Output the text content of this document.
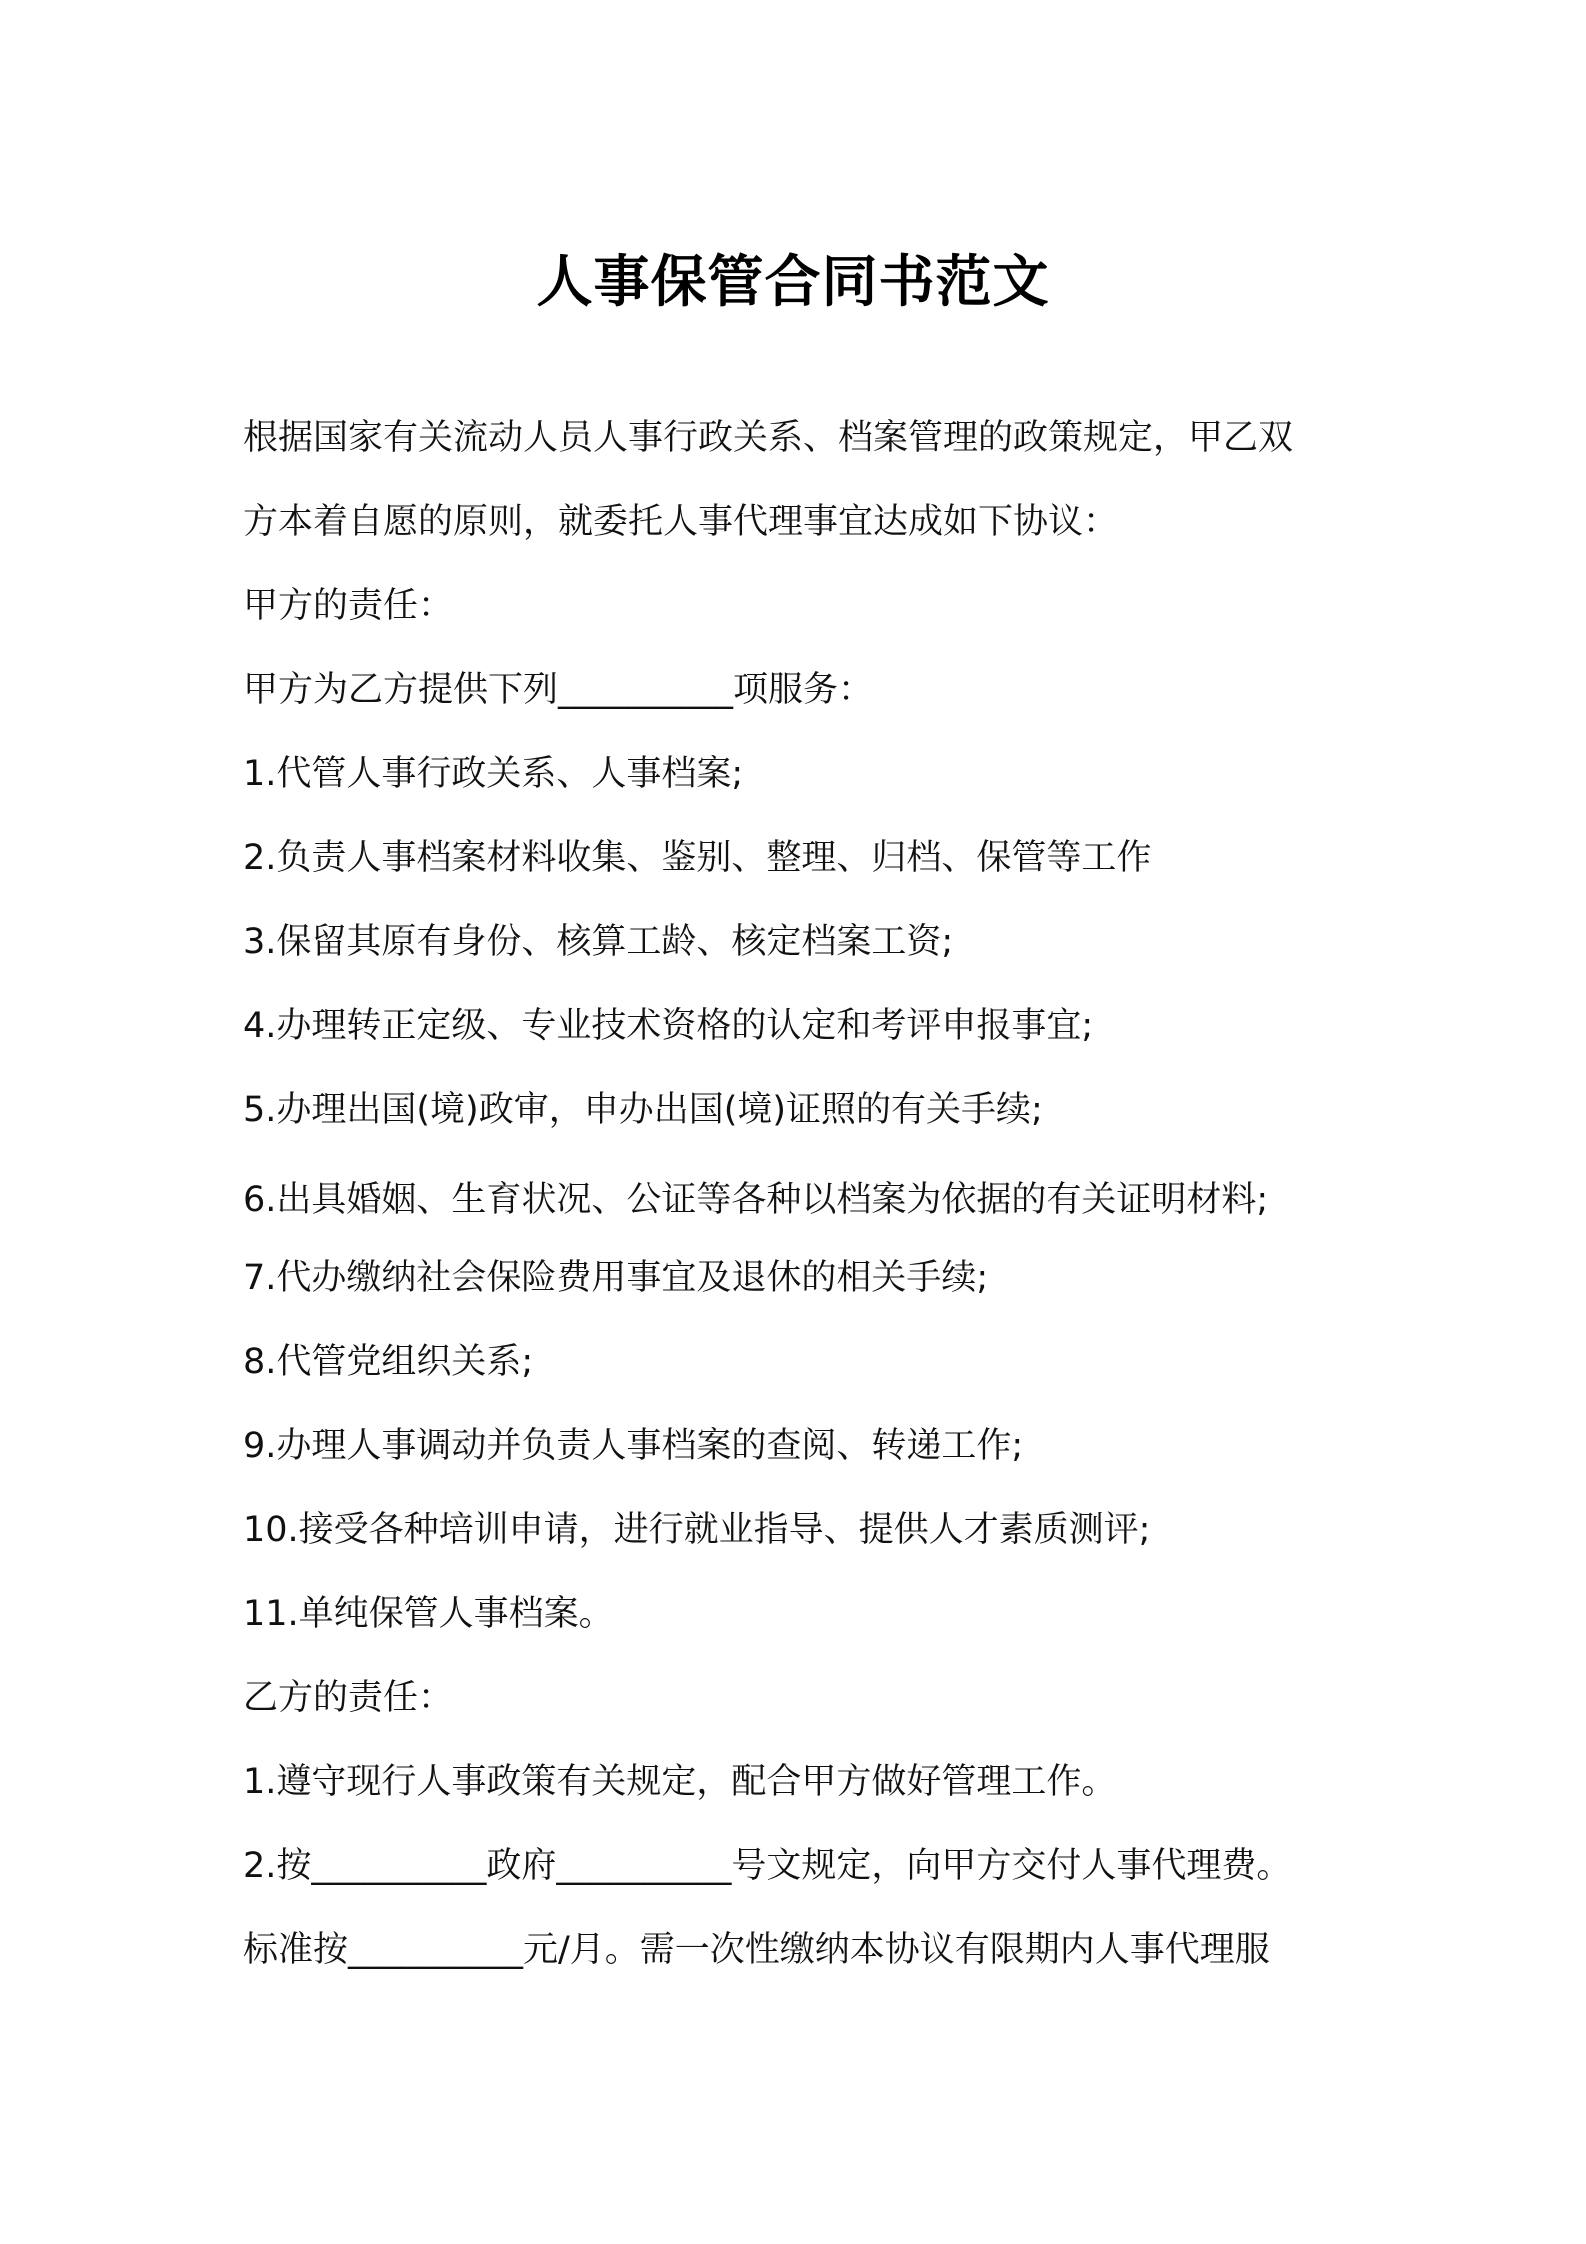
人事保管合同书范文
根据国家有关流动人员人事行政关系、档案管理的政策规定，甲乙双
方本着自愿的原则，就委托人事代理事宜达成如下协议：
甲方的责任：
甲方为乙方提供下列__________项服务：
1.代管人事行政关系、人事档案;
2.负责人事档案材料收集、鉴别、整理、归档、保管等工作
3.保留其原有身份、核算工龄、核定档案工资;
4.办理转正定级、专业技术资格的认定和考评申报事宜;
5.办理出国(境)政审，申办出国(境)证照的有关手续;
6.出具婚姻、生育状况、公证等各种以档案为依据的有关证明材料;
7.代办缴纳社会保险费用事宜及退休的相关手续;
8.代管党组织关系;
9.办理人事调动并负责人事档案的查阅、转递工作;
10.接受各种培训申请，进行就业指导、提供人才素质测评;
11.单纯保管人事档案。
乙方的责任：
1.遵守现行人事政策有关规定，配合甲方做好管理工作。
2.按__________政府__________号文规定，向甲方交付人事代理费。
标准按__________元/月。需一次性缴纳本协议有限期内人事代理服
